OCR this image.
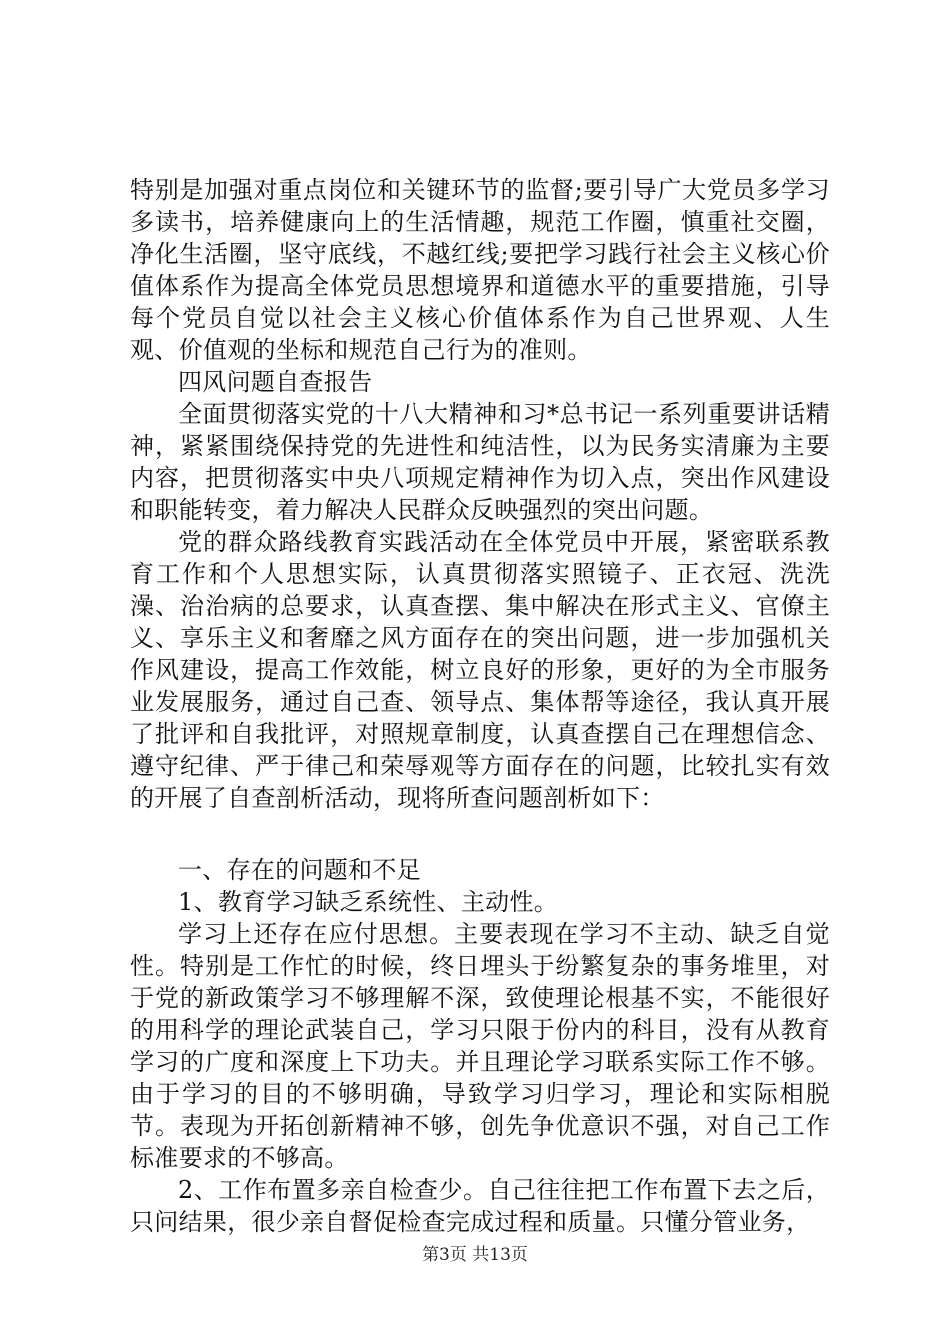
特别是加强对重点岗位和关键环节的监督;要引导广大党员多学习多读书，培养健康向上的生活情趣，规范工作圈，慎重社交圈，净化生活圈，坚守底线，不越红线;要把学习践行社会主义核心价值体系作为提高全体党员思想境界和道德水平的重要措施，引导每个党员自觉以社会主义核心价值体系作为自己世界观、人生观、价值观的坐标和规范自己行为的准则。

四风问题自查报告

全面贯彻落实党的十八大精神和习*总书记一系列重要讲话精神，紧紧围绕保持党的先进性和纯洁性，以为民务实清廉为主要内容，把贯彻落实中央八项规定精神作为切入点，突出作风建设和职能转变，着力解决人民群众反映强烈的突出问题。

党的群众路线教育实践活动在全体党员中开展，紧密联系教育工作和个人思想实际，认真贯彻落实照镜子、正衣冠、洗洗澡、治治病的总要求，认真查摆、集中解决在形式主义、官僚主义、享乐主义和奢靡之风方面存在的突出问题，进一步加强机关作风建设，提高工作效能，树立良好的形象，更好的为全市服务业发展服务，通过自己查、领导点、集体帮等途径，我认真开展了批评和自我批评，对照规章制度，认真查摆自己在理想信念、遵守纪律、严于律己和荣辱观等方面存在的问题，比较扎实有效的开展了自查剖析活动，现将所查问题剖析如下：

一、存在的问题和不足

1、教育学习缺乏系统性、主动性。

学习上还存在应付思想。主要表现在学习不主动、缺乏自觉性。特别是工作忙的时候，终日埋头于纷繁复杂的事务堆里，对于党的新政策学习不够理解不深，致使理论根基不实，不能很好的用科学的理论武装自己，学习只限于份内的科目，没有从教育学习的广度和深度上下功夫。并且理论学习联系实际工作不够。由于学习的目的不够明确，导致学习归学习，理论和实际相脱节。表现为开拓创新精神不够，创先争优意识不强，对自己工作标准要求的不够高。

2、工作布置多亲自检查少。自己往往把工作布置下去之后，只问结果，很少亲自督促检查完成过程和质量。只懂分管业务，

第3页 共13页
